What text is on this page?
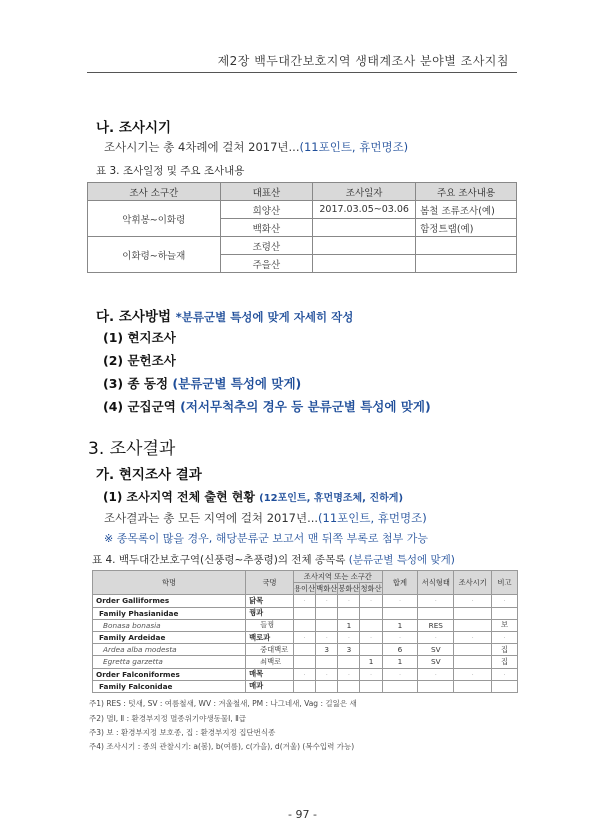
제2장 백두대간보호지역 생태계조사 분야별 조사지침
나. 조사시기
조사시기는 총 4차례에 걸쳐 2017년...(11포인트, 휴먼명조)
표 3. 조사일정 및 주요 조사내용
조사 소구간	대표산	조사일자	주요 조사내용
악휘봉~이화령	희양산	2017.03.05~03.06	봄철 조류조사(예)
	백화산		함정트랩(예)
이화령~하늘재	조령산		
	주을산		
다. 조사방법 *분류군별 특성에 맞게 자세히 작성
(1) 현지조사
(2) 문헌조사
(3) 종 동정 (분류군별 특성에 맞게)
(4) 군집군역 (저서무척추의 경우 등 분류군별 특성에 맞게)
3. 조사결과
가. 현지조사 결과
(1) 조사지역 전체 출현 현황 (12포인트, 휴먼명조체, 진하게)
조사결과는 총 모든 지역에 걸쳐 2017년...(11포인트, 휴먼명조)
※ 종목록이 많을 경우, 해당분류군 보고서 맨 뒤쪽 부록로 첨부 가능
표 4. 백두대간보호구역(신풍령~추풍령)의 전체 종목록 (분류군별 특성에 맞게)
학명	국명	조사지역 또는 소구간				합계	서식형태	조사시기	비고
		용이산	백화산	봉화산	청화산				
Order Galliformes	닭목	·	·	·	·	·	·	·	·
Family Phasianidae	꿩과								
Bonasa bonasia	들꿩			1		1	RES		보
Family Ardeidae	백로과	·	·	·	·	·	·	·	·
Ardea alba modesta	중대백로		3	3		6	SV		집
Egretta garzetta	쇠백로				1	1	SV		집
Order Falconiformes	매목	·	·	·	·	·	·	·	·
Family Falconidae	매과								
주1) RES : 텃새, SV : 여름철새, WV : 겨울철새, PM : 나그네새, Vag : 길잃은 새
주2) 멸Ⅰ, Ⅱ : 환경부지정 멸종위기야생동물Ⅰ, Ⅱ급
주3) 보 : 환경부지정 보호종, 집 : 환경부지정 집단번식종
주4) 조사시기 : 종의 관찰시기: a(봄), b(여름), c(가을), d(겨울) (복수입력 가능)
- 97 -
